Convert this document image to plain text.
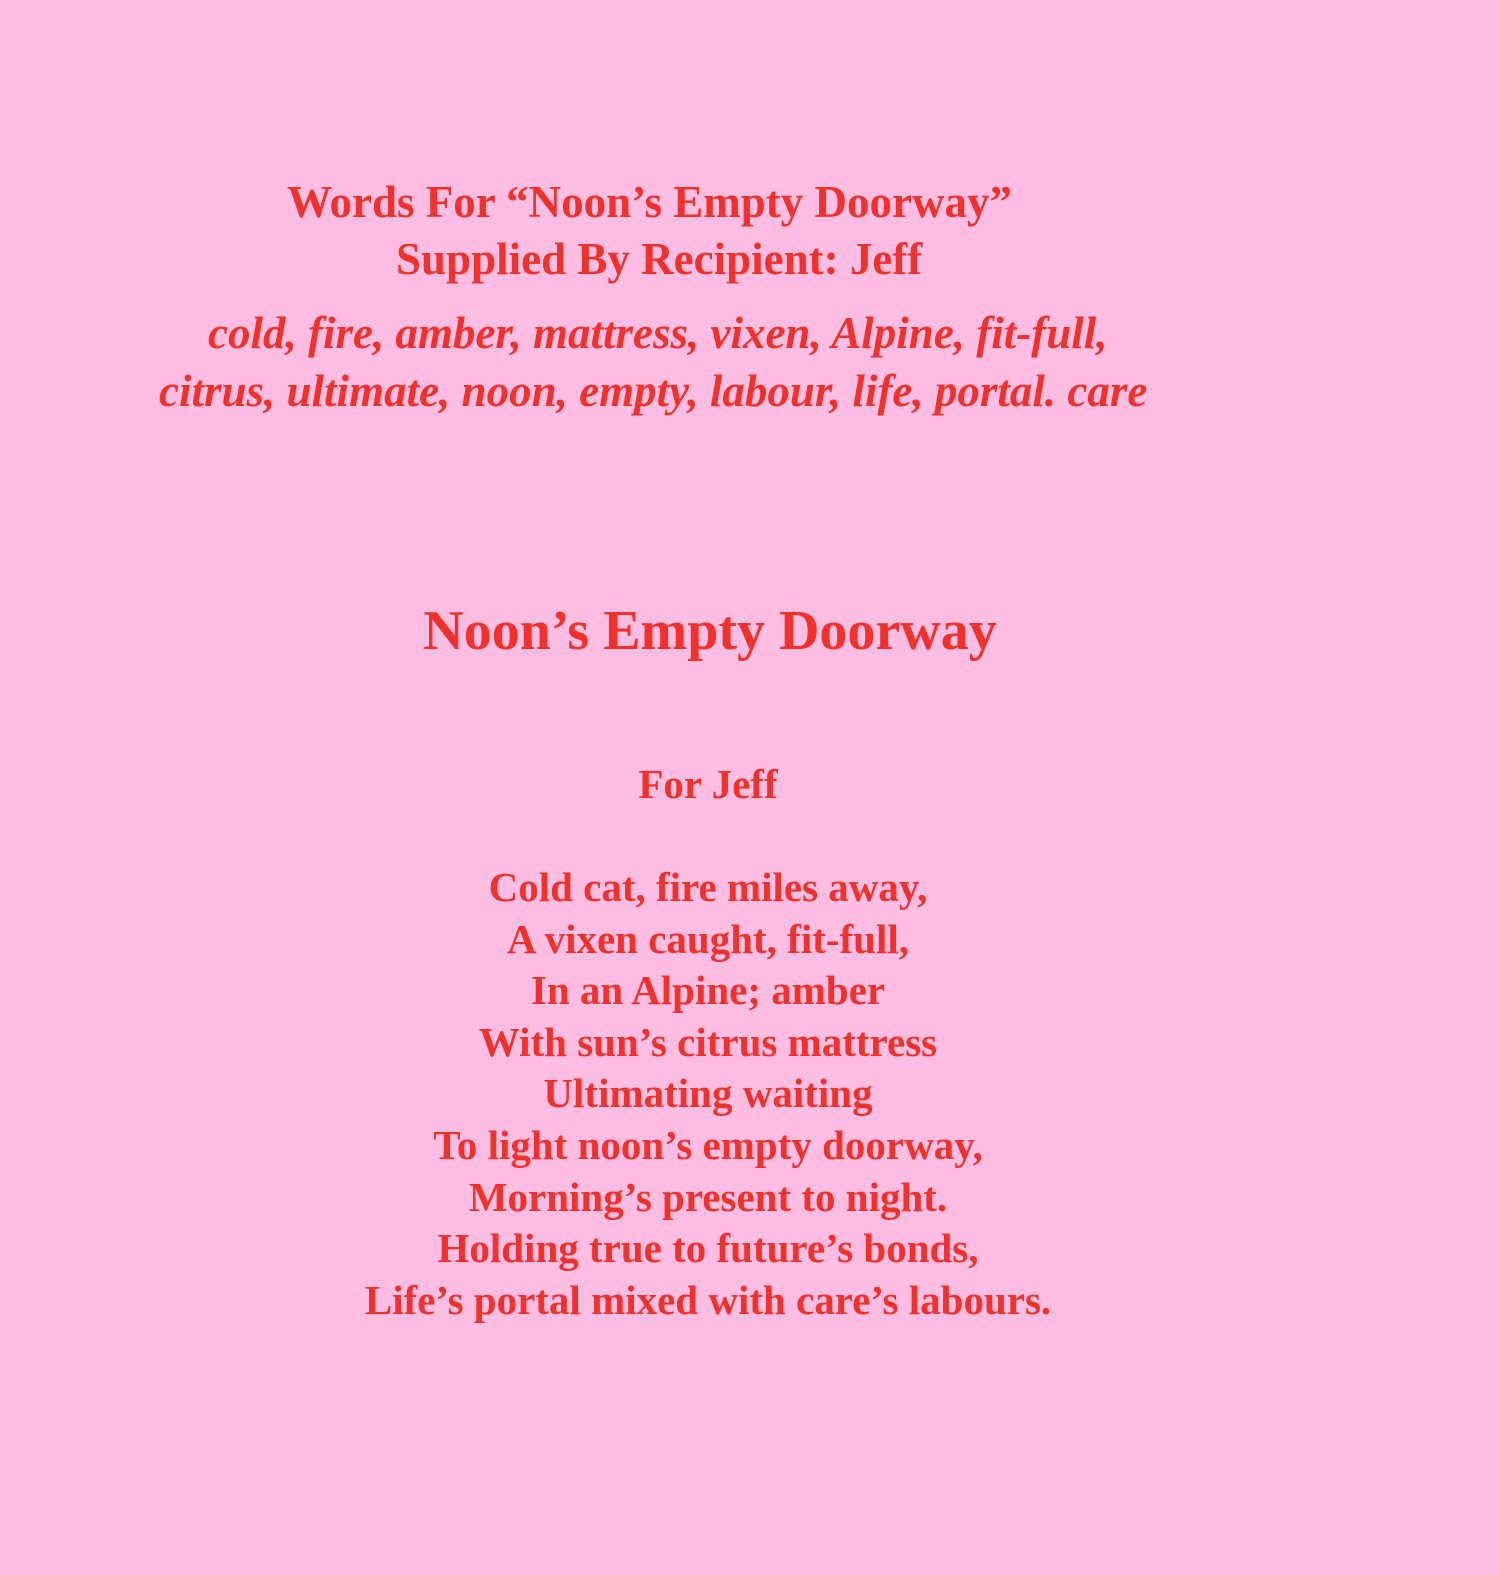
Words For “Noon’s Empty Doorway”
Supplied By Recipient: Jeff
cold, fire, amber, mattress, vixen, Alpine, fit-full,
citrus, ultimate, noon, empty, labour, life, portal. care
Noon’s Empty Doorway
For Jeff
Cold cat, fire miles away,
A vixen caught, fit-full,
In an Alpine; amber
With sun’s citrus mattress
Ultimating waiting
To light noon’s empty doorway,
Morning’s present to night.
Holding true to future’s bonds,
Life’s portal mixed with care’s labours.
